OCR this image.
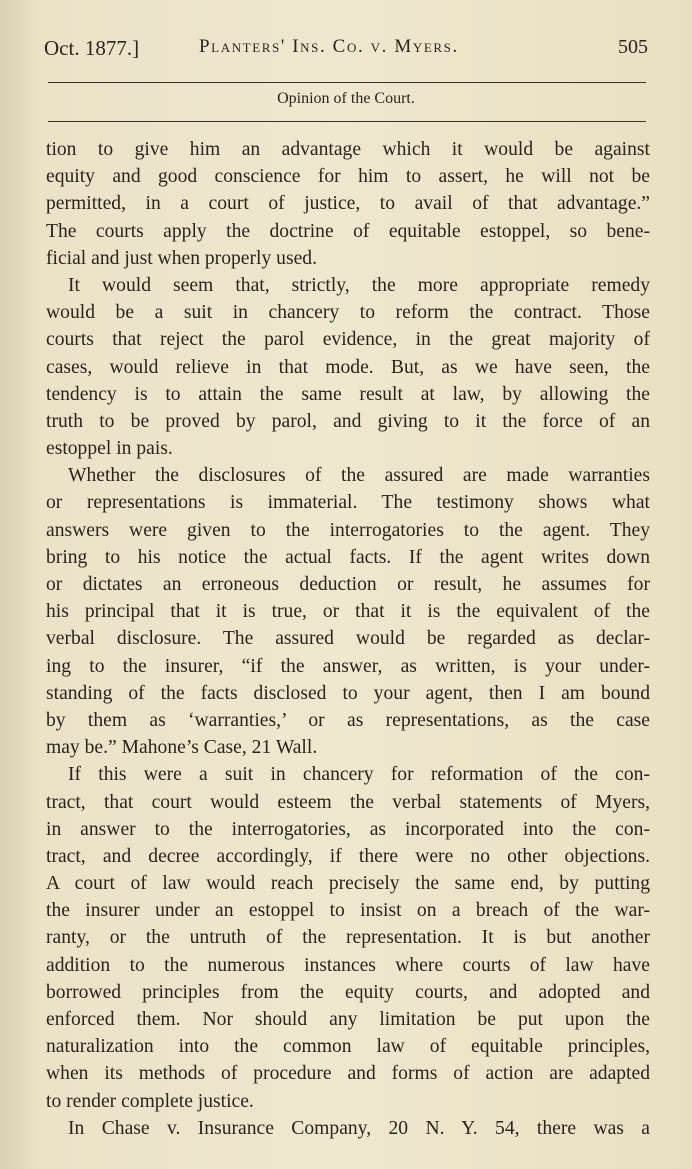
Oct. 1877.]	Planters' Ins. Co. v. Myers.	505
Opinion of the Court.
tion to give him an advantage which it would be against
equity and good conscience for him to assert, he will not be
permitted, in a court of justice, to avail of that advantage.”
The courts apply the doctrine of equitable estoppel, so bene-
ficial and just when properly used.
It would seem that, strictly, the more appropriate remedy
would be a suit in chancery to reform the contract. Those
courts that reject the parol evidence, in the great majority of
cases, would relieve in that mode. But, as we have seen, the
tendency is to attain the same result at law, by allowing the
truth to be proved by parol, and giving to it the force of an
estoppel in pais.
Whether the disclosures of the assured are made warranties
or representations is immaterial. The testimony shows what
answers were given to the interrogatories to the agent. They
bring to his notice the actual facts. If the agent writes down
or dictates an erroneous deduction or result, he assumes for
his principal that it is true, or that it is the equivalent of the
verbal disclosure. The assured would be regarded as declar-
ing to the insurer, “if the answer, as written, is your under-
standing of the facts disclosed to your agent, then I am bound
by them as ‘warranties,’ or as representations, as the case
may be.” Mahone’s Case, 21 Wall.
If this were a suit in chancery for reformation of the con-
tract, that court would esteem the verbal statements of Myers,
in answer to the interrogatories, as incorporated into the con-
tract, and decree accordingly, if there were no other objections.
A court of law would reach precisely the same end, by putting
the insurer under an estoppel to insist on a breach of the war-
ranty, or the untruth of the representation. It is but another
addition to the numerous instances where courts of law have
borrowed principles from the equity courts, and adopted and
enforced them. Nor should any limitation be put upon the
naturalization into the common law of equitable principles,
when its methods of procedure and forms of action are adapted
to render complete justice.
In Chase v. Insurance Company, 20 N. Y. 54, there was a
